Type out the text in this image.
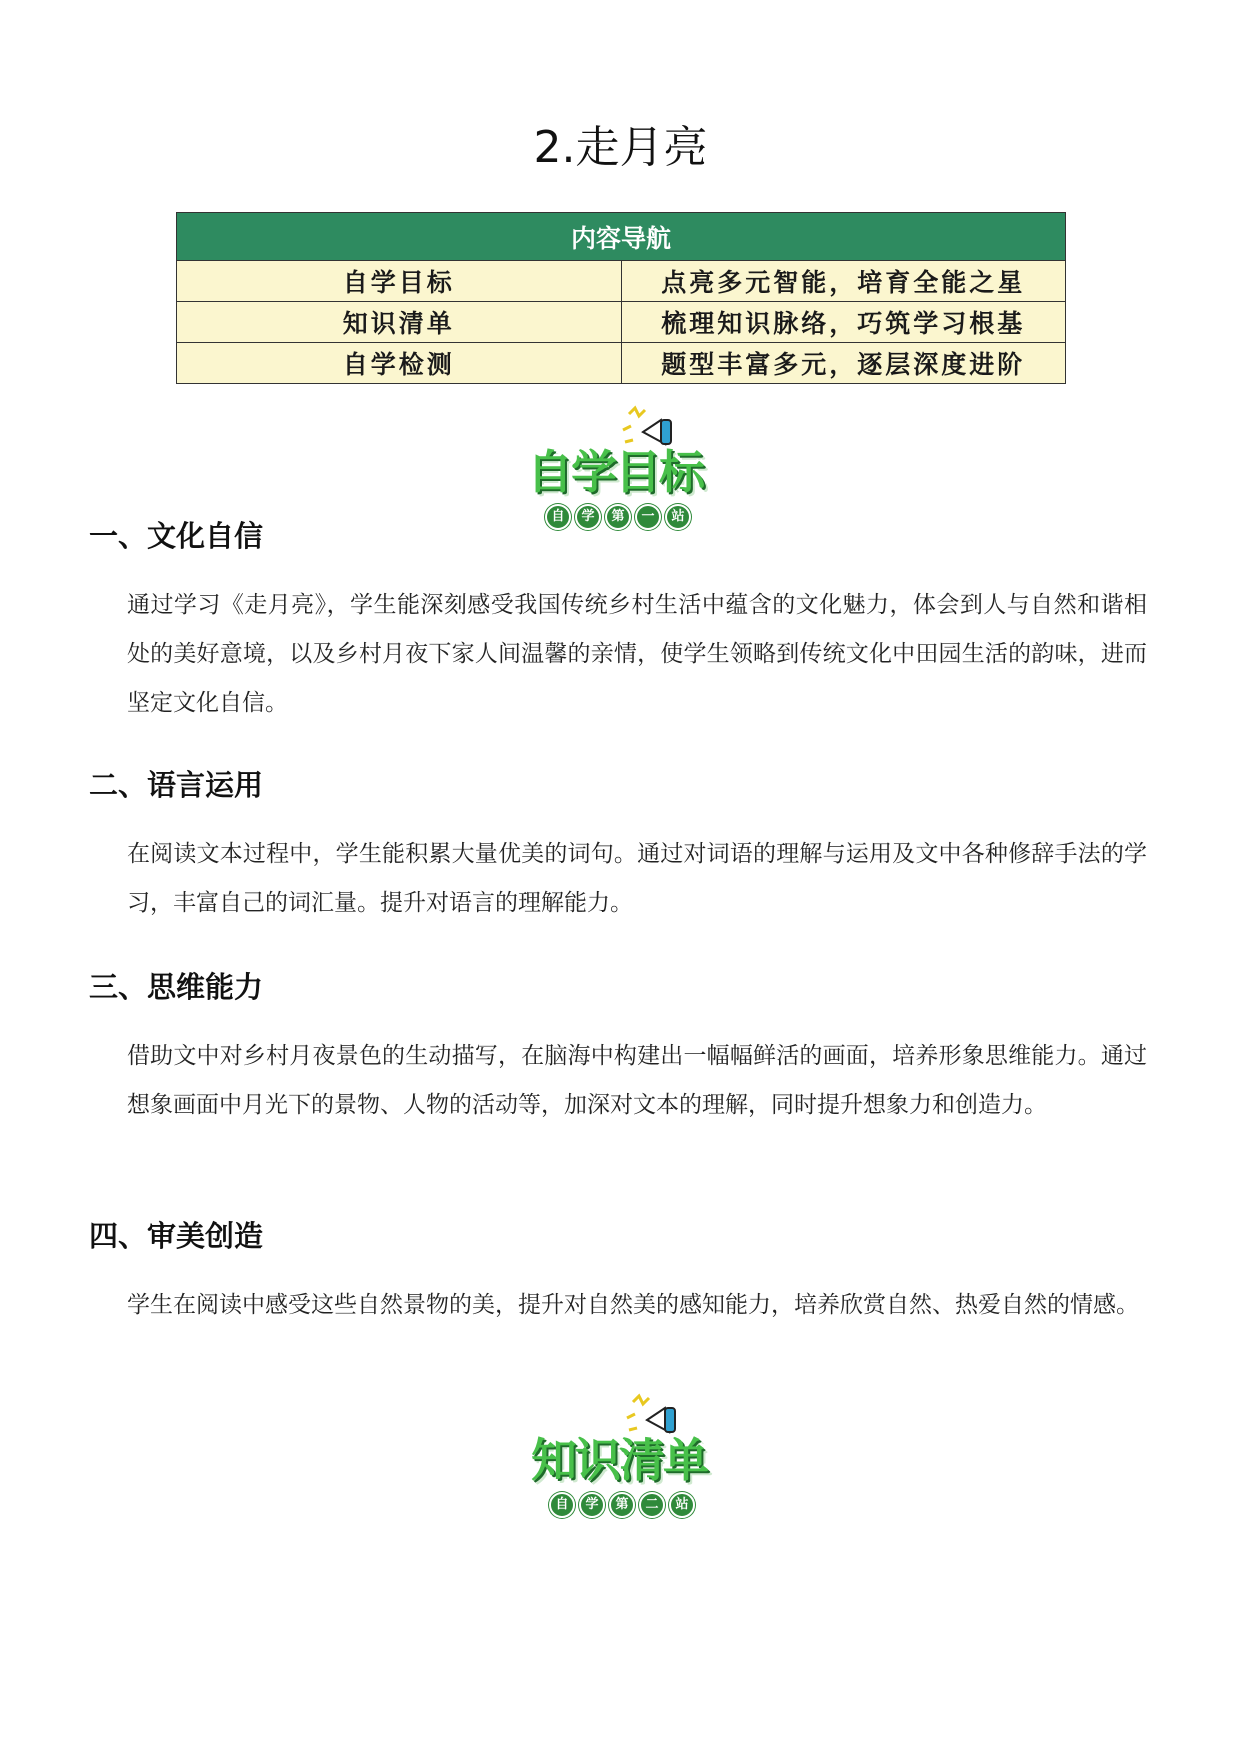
2.走月亮
内容导航	
自学目标	点亮多元智能，培育全能之星
知识清单	梳理知识脉络，巧筑学习根基
自学检测	题型丰富多元，逐层深度进阶
自学目标
自 学 第 一 站
一、文化自信
通过学习《走月亮》，学生能深刻感受我国传统乡村生活中蕴含的文化魅力，体会到人与自然和谐相处的美好意境，以及乡村月夜下家人间温馨的亲情，使学生领略到传统文化中田园生活的韵味，进而坚定文化自信。
二、语言运用
在阅读文本过程中，学生能积累大量优美的词句。通过对词语的理解与运用及文中各种修辞手法的学习，丰富自己的词汇量。提升对语言的理解能力。
三、思维能力
借助文中对乡村月夜景色的生动描写，在脑海中构建出一幅幅鲜活的画面，培养形象思维能力。通过想象画面中月光下的景物、人物的活动等，加深对文本的理解，同时提升想象力和创造力。
四、审美创造
学生在阅读中感受这些自然景物的美，提升对自然美的感知能力，培养欣赏自然、热爱自然的情感。
知识清单
自 学 第 二 站
